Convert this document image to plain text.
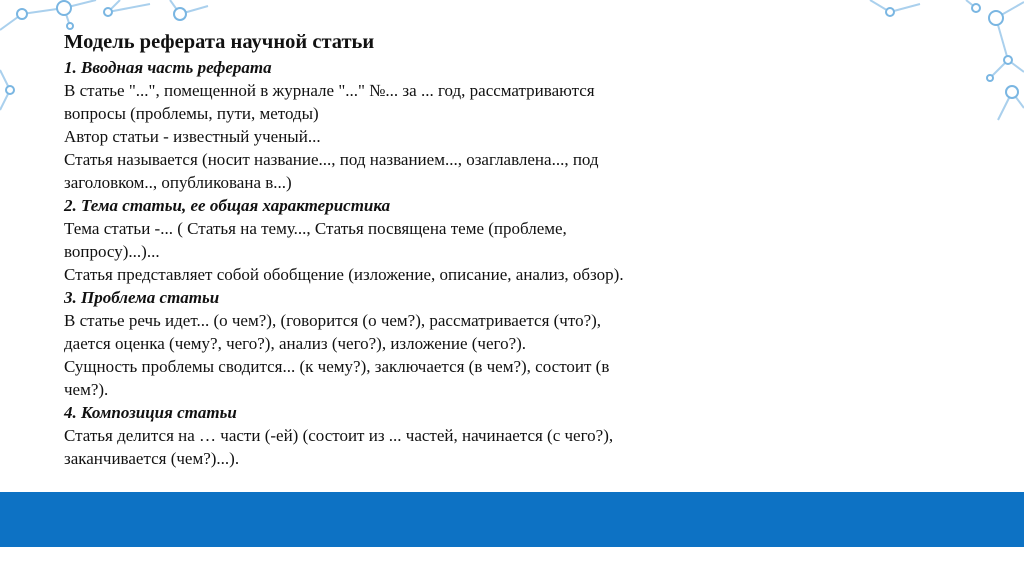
Модель реферата научной статьи
1. Вводная часть реферата
В статье "...", помещенной в журнале "..." №... за ... год, рассматриваются
вопросы (проблемы, пути, методы)
Автор статьи - известный ученый...
Статья называется (носит название..., под названием..., озаглавлена..., под
заголовком.., опубликована в...)
2. Тема статьи, ее общая характеристика
Тема статьи -... ( Статья на тему..., Статья посвящена теме (проблеме,
вопросу)...)...
Статья представляет собой обобщение (изложение, описание, анализ, обзор).
3. Проблема статьи
В статье речь идет... (о чем?), (говорится (о чем?), рассматривается (что?),
дается оценка (чему?, чего?), анализ (чего?), изложение (чего?).
Сущность проблемы сводится... (к чему?), заключается (в чем?), состоит (в
чем?).
4. Композиция статьи
Статья делится на … части (-ей) (состоит из ... частей, начинается (с чего?),
заканчивается (чем?)...).
